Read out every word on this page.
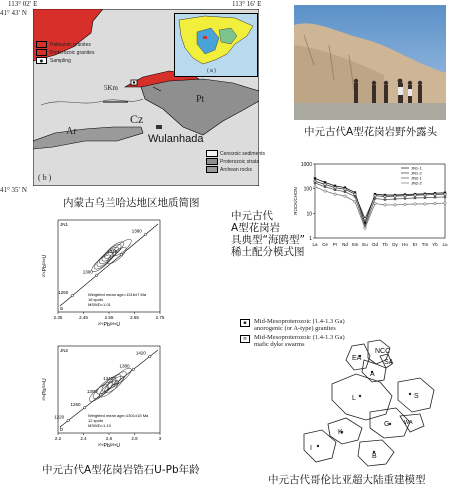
113° 02′ E	113° 16′ E
41° 43′ N
41° 35′ N
Paleozoic granites
Proterozoic granites
●	Sampling
( a )
5Km
Cz
Pt
Ar
Wulanhada
( b )
Cenozoic sediments
Proterozoic strata
Archean rocks
内蒙古乌兰哈达地区地质简图
中元古代A型花岗岩野外露头
1
10
100
1000
ROCK/CHON
La Ce Pr Nd Sm Eu Gd Tb Dy Ho Er Tm Yb Lu
JN1-1
JN1-2
JN2-1
JN2-2
中元古代
A型花岗岩
具典型“海鸥型”
稀土配分模式图
2.35	2.45	2.55	2.65	2.75
²⁰⁷Pb/²³⁵U
²⁰⁶Pb/²³⁸U
JN1
a
1260
1300
1340
1380
Weighted mean age=1316±7 Ma
16 spots
MSWD=1.01
2.2	2.4	2.6	2.8	3
²⁰⁷Pb/²³⁵U
²⁰⁶Pb/²³⁸U
JN2
b
1220
1260
1300
1340
1380
1420
Weighted mean age=1301±15 Ma
12 spots
MSWD=1.13
中元古代A型花岗岩锆石U-Pb年龄
▪	Mid-Mesoproterozoic (1.4-1.3 Ga)
anorogenic (or A-type) granites
≡	Mid-Mesoproterozoic (1.4-1.3 Ga)
mafic dyke swarms
NCC
EA
A
SA
L	S
G	WA
K
I
B
中元古代哥伦比亚超大陆重建模型
